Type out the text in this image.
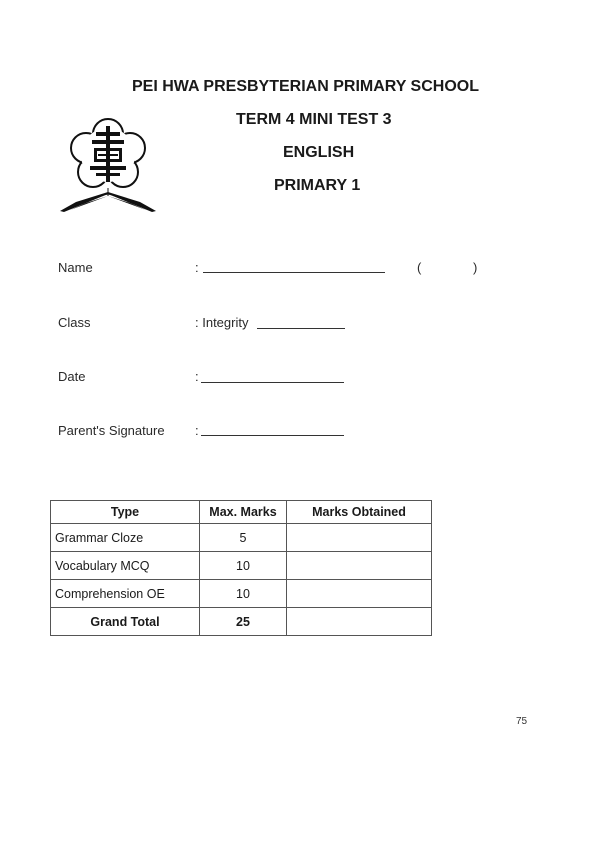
PEI HWA PRESBYTERIAN PRIMARY SCHOOL
TERM 4 MINI TEST 3
ENGLISH
PRIMARY 1
Name	:	(	)
Class	: Integrity
Date	:
Parent's Signature :
Type	Max. Marks	Marks Obtained
Grammar Cloze	5	
Vocabulary MCQ	10	
Comprehension OE	10	
Grand Total	25	
75
